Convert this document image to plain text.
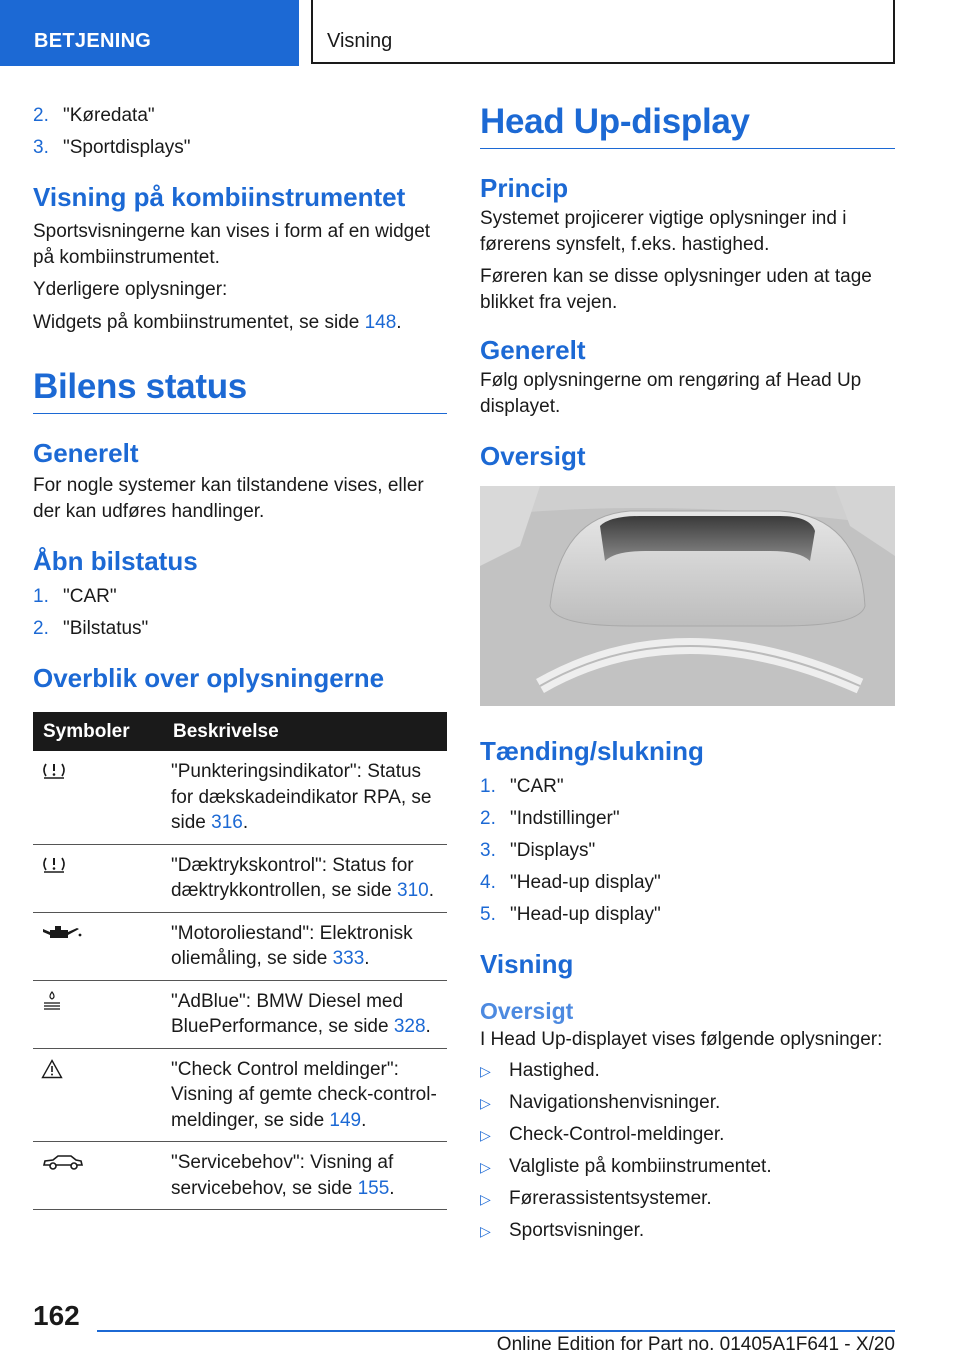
BETJENING	Visning
2. "Køredata"
3. "Sportdisplays"
Visning på kombiinstrumentet

Sportsvisningerne kan vises i form af en widget på kombiinstrumentet.

Yderligere oplysninger:

Widgets på kombiinstrumentet, se side 148.

Bilens status
Generelt

For nogle systemer kan tilstandene vises, eller der kan udføres handlinger.

Åbn bilstatus
1. "CAR"
2. "Bilstatus"
Overblik over oplysningerne
Symboler	Beskrivelse
	"Punkteringsindikator": Status for dækskadeindikator RPA, se side 316.
	"Dæktrykskontrol": Status for dæktrykkontrollen, se side 310.
	"Motoroliestand": Elektronisk oliemåling, se side 333.
	"AdBlue": BMW Diesel med BluePerformance, se side 328.
	"Check Control meldinger": Visning af gemte check-control-meldinger, se side 149.
	"Servicebehov": Visning af servicebehov, se side 155.
Head Up-display
Princip

Systemet projicerer vigtige oplysninger ind i førerens synsfelt, f.eks. hastighed.

Føreren kan se disse oplysninger uden at tage blikket fra vejen.

Generelt

Følg oplysningerne om rengøring af Head Up displayet.

Oversigt
Tænding/slukning
1. "CAR"
2. "Indstillinger"
3. "Displays"
4. "Head-up display"
5. "Head-up display"
Visning
Oversigt

I Head Up-displayet vises følgende oplysninger:

▷ Hastighed.
▷ Navigationshenvisninger.
▷ Check-Control-meldinger.
▷ Valgliste på kombiinstrumentet.
▷ Førerassistentsystemer.
▷ Sportsvisninger.
162
Online Edition for Part no. 01405A1F641 - X/20
